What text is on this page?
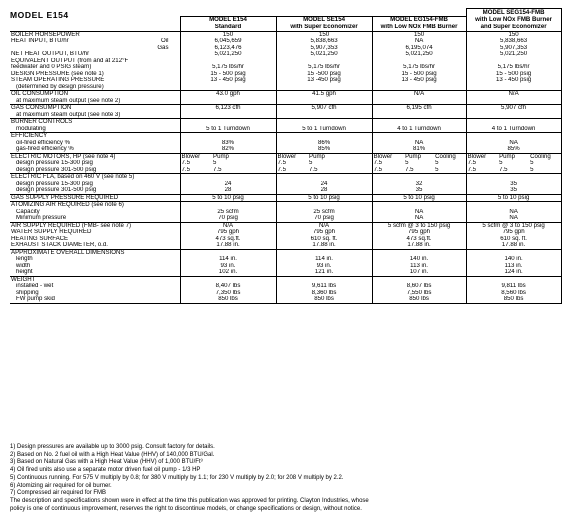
MODEL E154
								MODEL SEG154-FMB		
	MODEL E154		MODEL SE154		MODEL EG154-FMB			with Low NOx FMB Burner		
	Standard		with Super Economizer		with Low NOx FMB Burner			and Super Economizer		
BOILER HORSEPOWER	150		150		150			150		
HEAT INPUT, BTU/hr Oil	6,045,659		5,838,663		NA			5,838,663		

Gas	6,123,476		5,907,353		6,195,074			5,907,353		
NET HEAT OUTPUT, BTU/hr	5,021,250		5,021,250		5,021,250			5,021,250		
EQUIVALENT OUTPUT (from and at 212°F										
feedwater and 0 PSIG steam)	5,175 lbs/hr		5,175 lbs/hr		5,175 lbs/hr			5,175 lbs/hr		
DESIGN PRESSURE (see note 1)	15 - 500 psig		15 -500 psig		15 - 500 psig			15 - 500 psig		
STEAM OPERATING PRESSURE	13 - 450 psig		13 -450 psig		13 - 450 psig			13 - 450 psig		
(determined by design pressure)										
OIL CONSUMPTION	43.0 gph		41.5 gph		N/A			N/A		
at maximum steam output (see note 2)										
GAS CONSUMPTION	6,123 cfh		5,907 cfh		6,195 cfh			5,907 cfh		
at maximum steam output (see note 3)										
BURNER CONTROLS										
modulating	5 to 1 Turndown		5 to 1 Turndown		4 to 1 Turndown			4 to 1 Turndown		
EFFICIENCY										
oil-fired efficiency %	83%		86%		NA			NA		
gas-fired efficiency %	82%		85%		81%			85%		
ELECTRIC MOTORS, HP (see note 4)	Blower	Pump	Blower	Pump	Blower	Pump	Cooling	Blower	Pump	Cooling
design pressure 15-300 psig	7.5	5	7.5	5	7.5	5	5	7.5	5	5
design pressure 301-500 psig	7.5	7.5	7.5	7.5	7.5	7.5	5	7.5	7.5	5
ELECTRIC FLA, based on 460 V (see note 5)										
design pressure 15-300 psig	24		24		32			35		
design pressure 301-500 psig	28		28		35			35		
GAS SUPPLY PRESSURE REQUIRED	5 to 10 psig		5 to 10 psig		5 to 10 psig			5 to 10 psig		
ATOMIZING AIR REQUIRED (see note 6)										
Capacity	25 scfm		25 scfm		NA			NA		
Minimum pressure	70 psig		70 psig		NA			NA		
AIR SUPPLY REQUIRED (FMB- see note 7)	N/A		N/A		5 scfm @ 3 to 150 psig			5 scfm @ 3 to 150 psig		
WATER SUPPLY REQUIRED	795 gph		795 gph		795 gph			795 gph		
HEATING SURFACE	473 sq.ft.		610 sq. ft.		473 sq.ft.			610 sq. ft.		
EXHAUST STACK DIAMETER, o.d.	17.88 in.		17.88 in.		17.88 in.			17.88 in.		
APPROXIMATE OVERALL DIMENSIONS										
length	114 in.		114 in.		140 in.			140 in.		
width	93 in.		93 in.		113 in.			113 in.		
height	102 in.		121 in.		107 in.			124 in.		
WEIGHT										
installed - wet	8,407 lbs		9,611 lbs		8,607 lbs			9,811 lbs		
shipping	7,350 lbs		8,360 lbs		7,550 lbs			8,560 lbs		
FW pump skid	850 lbs		850 lbs		850 lbs			850 lbs		
1) Design pressures are available up to 3000 psig. Consult factory for details.
2) Based on No. 2 fuel oil with a High Heat Value (HHV) of 140,000 BTU/Gal.
3) Based on Natural Gas with a High Heat Value (HHV) of 1,000 BTU/Ft³
4) Oil fired units also use a separate motor driven fuel oil pump - 1/3 HP
5) Continuous running. For 575 V multiply by 0.8; for 380 V multiply by 1.1; for 230 V multiply by 2.0; for 208 V multiply by 2.2.
6) Atomizing air required for oil burner.
7) Compressed air required for FMB
The description and specifications shown were in effect at the time this publication was approved for printing. Clayton Industries, whose
policy is one of continuous improvement, reserves the right to discontinue models, or change specifications or design, without notice.
